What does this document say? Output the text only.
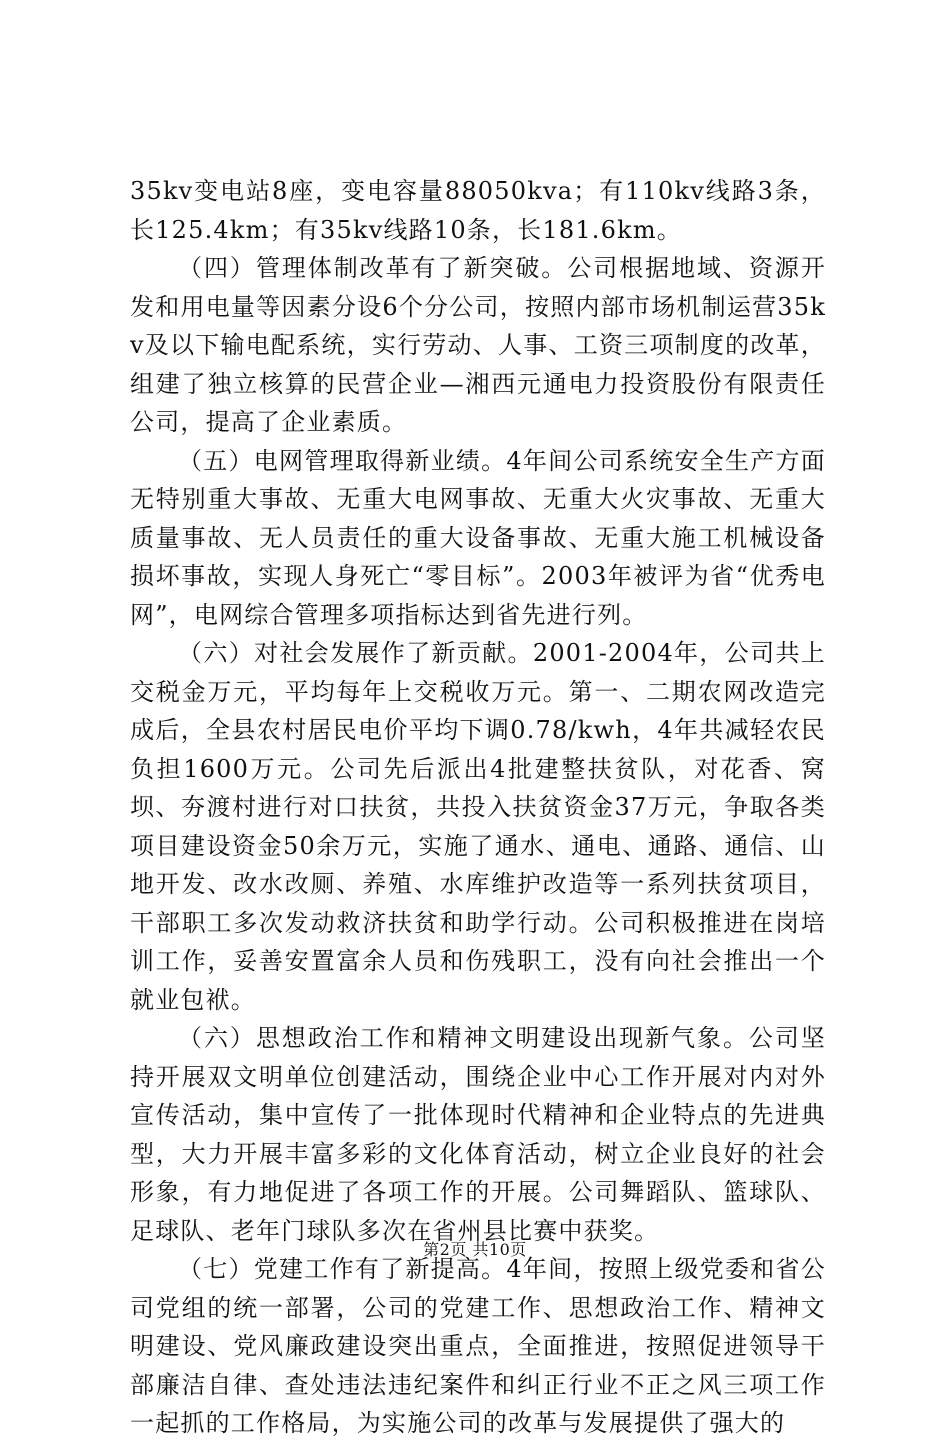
35kv变电站8座，变电容量88050kva；有110kv线路3条，长125.4km；有35kv线路10条，长181.6km。

（四）管理体制改革有了新突破。公司根据地域、资源开发和用电量等因素分设6个分公司，按照内部市场机制运营35kv及以下输电配系统，实行劳动、人事、工资三项制度的改革，组建了独立核算的民营企业—湘西元通电力投资股份有限责任公司，提高了企业素质。

（五）电网管理取得新业绩。4年间公司系统安全生产方面无特别重大事故、无重大电网事故、无重大火灾事故、无重大质量事故、无人员责任的重大设备事故、无重大施工机械设备损坏事故，实现人身死亡“零目标”。2003年被评为省“优秀电网”，电网综合管理多项指标达到省先进行列。

（六）对社会发展作了新贡献。2001-2004年，公司共上交税金万元，平均每年上交税收万元。第一、二期农网改造完成后，全县农村居民电价平均下调0.78/kwh，4年共减轻农民负担1600万元。公司先后派出4批建整扶贫队，对花香、窝坝、夯渡村进行对口扶贫，共投入扶贫资金37万元，争取各类项目建设资金50余万元，实施了通水、通电、通路、通信、山地开发、改水改厕、养殖、水库维护改造等一系列扶贫项目，干部职工多次发动救济扶贫和助学行动。公司积极推进在岗培训工作，妥善安置富余人员和伤残职工，没有向社会推出一个就业包袱。

（六）思想政治工作和精神文明建设出现新气象。公司坚持开展双文明单位创建活动，围绕企业中心工作开展对内对外宣传活动，集中宣传了一批体现时代精神和企业特点的先进典型，大力开展丰富多彩的文化体育活动，树立企业良好的社会形象，有力地促进了各项工作的开展。公司舞蹈队、篮球队、足球队、老年门球队多次在省州县比赛中获奖。

（七）党建工作有了新提高。4年间，按照上级党委和省公司党组的统一部署，公司的党建工作、思想政治工作、精神文明建设、党风廉政建设突出重点，全面推进，按照促进领导干部廉洁自律、查处违法违纪案件和纠正行业不正之风三项工作一起抓的工作格局，为实施公司的改革与发展提供了强大的

第2页 共10页
